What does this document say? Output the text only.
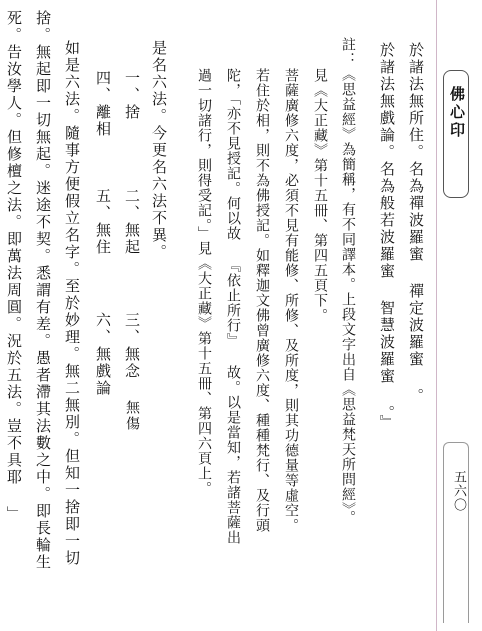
佛心印
五六〇
於諸法無所住。名為禪波羅蜜 禪定波羅蜜 。
於諸法無戲論。名為般若波羅蜜 智慧波羅蜜 。』
註：《思益經》為簡稱，有不同譯本。上段文字出自《思益梵天所問經》。
見《大正藏》第十五冊、第四五頁下。
菩薩廣修六度，必須不見有能修、所修、及所度，則其功德量等虛空。
若住於相，則不為佛授記。如釋迦文佛曾廣修六度、種種梵行、及行頭
陀，「亦不見授記。何以故 『依止所行』 故。以是當知，若諸菩薩出
過一切諸行，則得受記。」見《大正藏》第十五冊、第四六頁上。
是名六法。今更名六法不異。
一、捨
二、無起
三、無念
無傷
四、離相
五、無住
六、無戲論
如是六法。隨事方便假立名字。至於妙理。無二無別。但知一捨即一切
捨。無起即一切無起。迷途不契。悉謂有差。愚者滯其法數之中。即長輪生
死。告汝學人。但修檀之法。即萬法周圓。況於五法。豈不具耶 」
